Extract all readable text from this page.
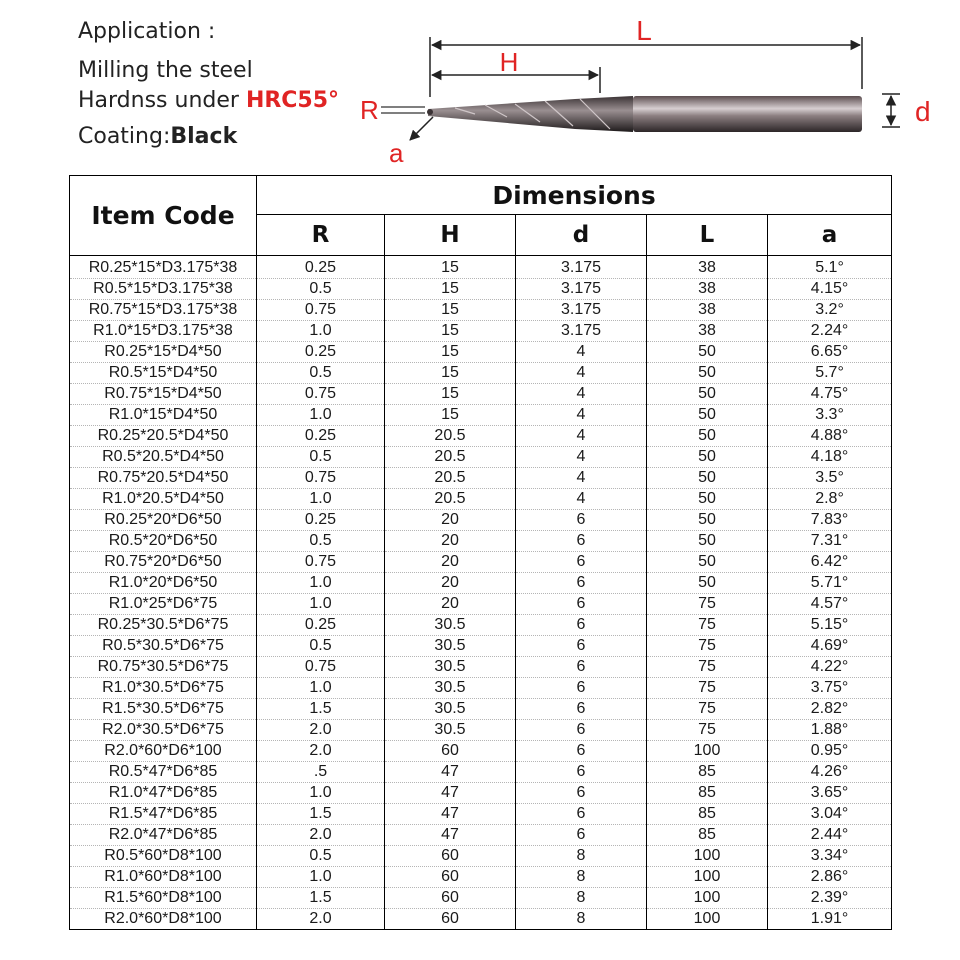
Application :
Milling the steel
Hardnss under HRC55°
Coating:Black
L
H
R
a
d
Item Code	Dimensions				
	R	H	d	L	a
R0.25*15*D3.175*38	0.25	15	3.175	38	5.1°
R0.5*15*D3.175*38	0.5	15	3.175	38	4.15°
R0.75*15*D3.175*38	0.75	15	3.175	38	3.2°
R1.0*15*D3.175*38	1.0	15	3.175	38	2.24°
R0.25*15*D4*50	0.25	15	4	50	6.65°
R0.5*15*D4*50	0.5	15	4	50	5.7°
R0.75*15*D4*50	0.75	15	4	50	4.75°
R1.0*15*D4*50	1.0	15	4	50	3.3°
R0.25*20.5*D4*50	0.25	20.5	4	50	4.88°
R0.5*20.5*D4*50	0.5	20.5	4	50	4.18°
R0.75*20.5*D4*50	0.75	20.5	4	50	3.5°
R1.0*20.5*D4*50	1.0	20.5	4	50	2.8°
R0.25*20*D6*50	0.25	20	6	50	7.83°
R0.5*20*D6*50	0.5	20	6	50	7.31°
R0.75*20*D6*50	0.75	20	6	50	6.42°
R1.0*20*D6*50	1.0	20	6	50	5.71°
R1.0*25*D6*75	1.0	20	6	75	4.57°
R0.25*30.5*D6*75	0.25	30.5	6	75	5.15°
R0.5*30.5*D6*75	0.5	30.5	6	75	4.69°
R0.75*30.5*D6*75	0.75	30.5	6	75	4.22°
R1.0*30.5*D6*75	1.0	30.5	6	75	3.75°
R1.5*30.5*D6*75	1.5	30.5	6	75	2.82°
R2.0*30.5*D6*75	2.0	30.5	6	75	1.88°
R2.0*60*D6*100	2.0	60	6	100	0.95°
R0.5*47*D6*85	.5	47	6	85	4.26°
R1.0*47*D6*85	1.0	47	6	85	3.65°
R1.5*47*D6*85	1.5	47	6	85	3.04°
R2.0*47*D6*85	2.0	47	6	85	2.44°
R0.5*60*D8*100	0.5	60	8	100	3.34°
R1.0*60*D8*100	1.0	60	8	100	2.86°
R1.5*60*D8*100	1.5	60	8	100	2.39°
R2.0*60*D8*100	2.0	60	8	100	1.91°
